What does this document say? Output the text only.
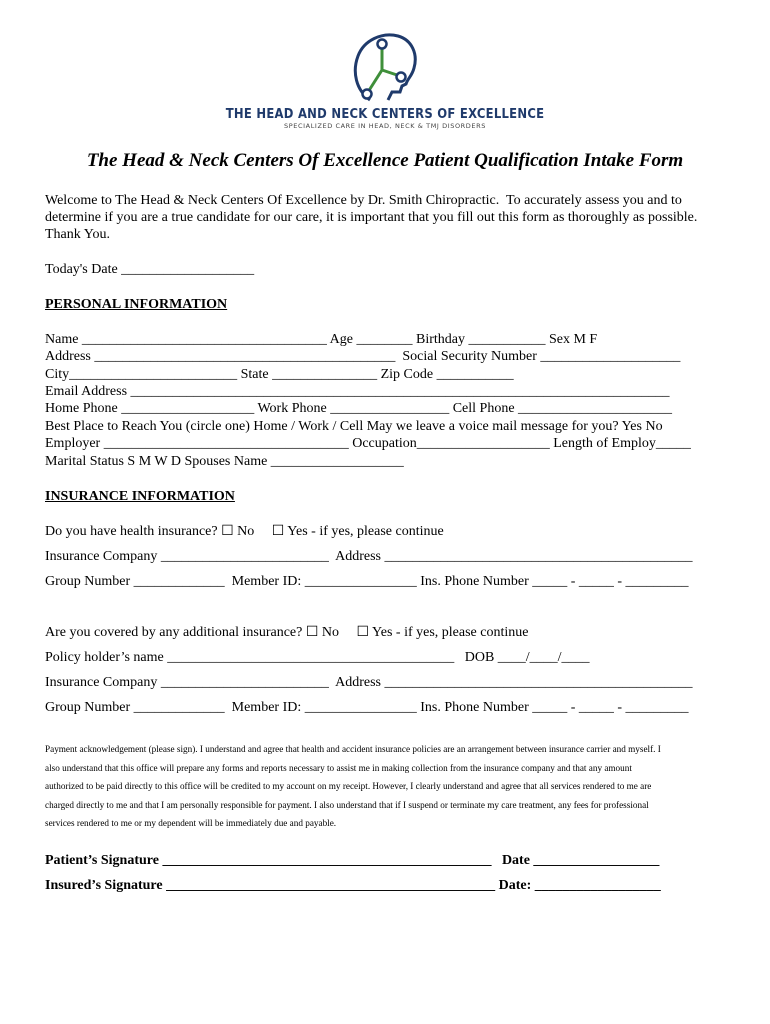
THE HEAD AND NECK CENTERS OF EXCELLENCE
SPECIALIZED CARE IN HEAD, NECK & TMJ DISORDERS
The Head & Neck Centers Of Excellence Patient Qualification Intake Form
Welcome to The Head & Neck Centers Of Excellence by Dr. Smith Chiropractic.  To accurately assess you and to
determine if you are a true candidate for our care, it is important that you fill out this form as thoroughly as possible.
Thank You.
Today's Date ___________________
PERSONAL INFORMATION
Name ___________________________________ Age ________ Birthday ___________ Sex M F
Address ___________________________________________  Social Security Number ____________________
City________________________ State _______________ Zip Code ___________
Email Address _____________________________________________________________________________
Home Phone ___________________ Work Phone _________________ Cell Phone ______________________
Best Place to Reach You (circle one) Home / Work / Cell May we leave a voice mail message for you? Yes No
Employer ___________________________________ Occupation___________________ Length of Employ_____
Marital Status S M W D Spouses Name ___________________
INSURANCE INFORMATION
Do you have health insurance? ☐ No     ☐ Yes - if yes, please continue
Insurance Company ________________________  Address ____________________________________________
Group Number _____________  Member ID: ________________ Ins. Phone Number _____ - _____ - _________
Are you covered by any additional insurance? ☐ No     ☐ Yes - if yes, please continue
Policy holder’s name _________________________________________   DOB ____/____/____
Insurance Company ________________________  Address ____________________________________________
Group Number _____________  Member ID: ________________ Ins. Phone Number _____ - _____ - _________
Payment acknowledgement (please sign). I understand and agree that health and accident insurance policies are an arrangement between insurance carrier and myself. I
also understand that this office will prepare any forms and reports necessary to assist me in making collection from the insurance company and that any amount
authorized to be paid directly to this office will be credited to my account on my receipt. However, I clearly understand and agree that all services rendered to me are
charged directly to me and that I am personally responsible for payment. I also understand that if I suspend or terminate my care treatment, any fees for professional
services rendered to me or my dependent will be immediately due and payable.
Patient’s Signature _______________________________________________   Date __________________
Insured’s Signature _______________________________________________ Date: __________________
